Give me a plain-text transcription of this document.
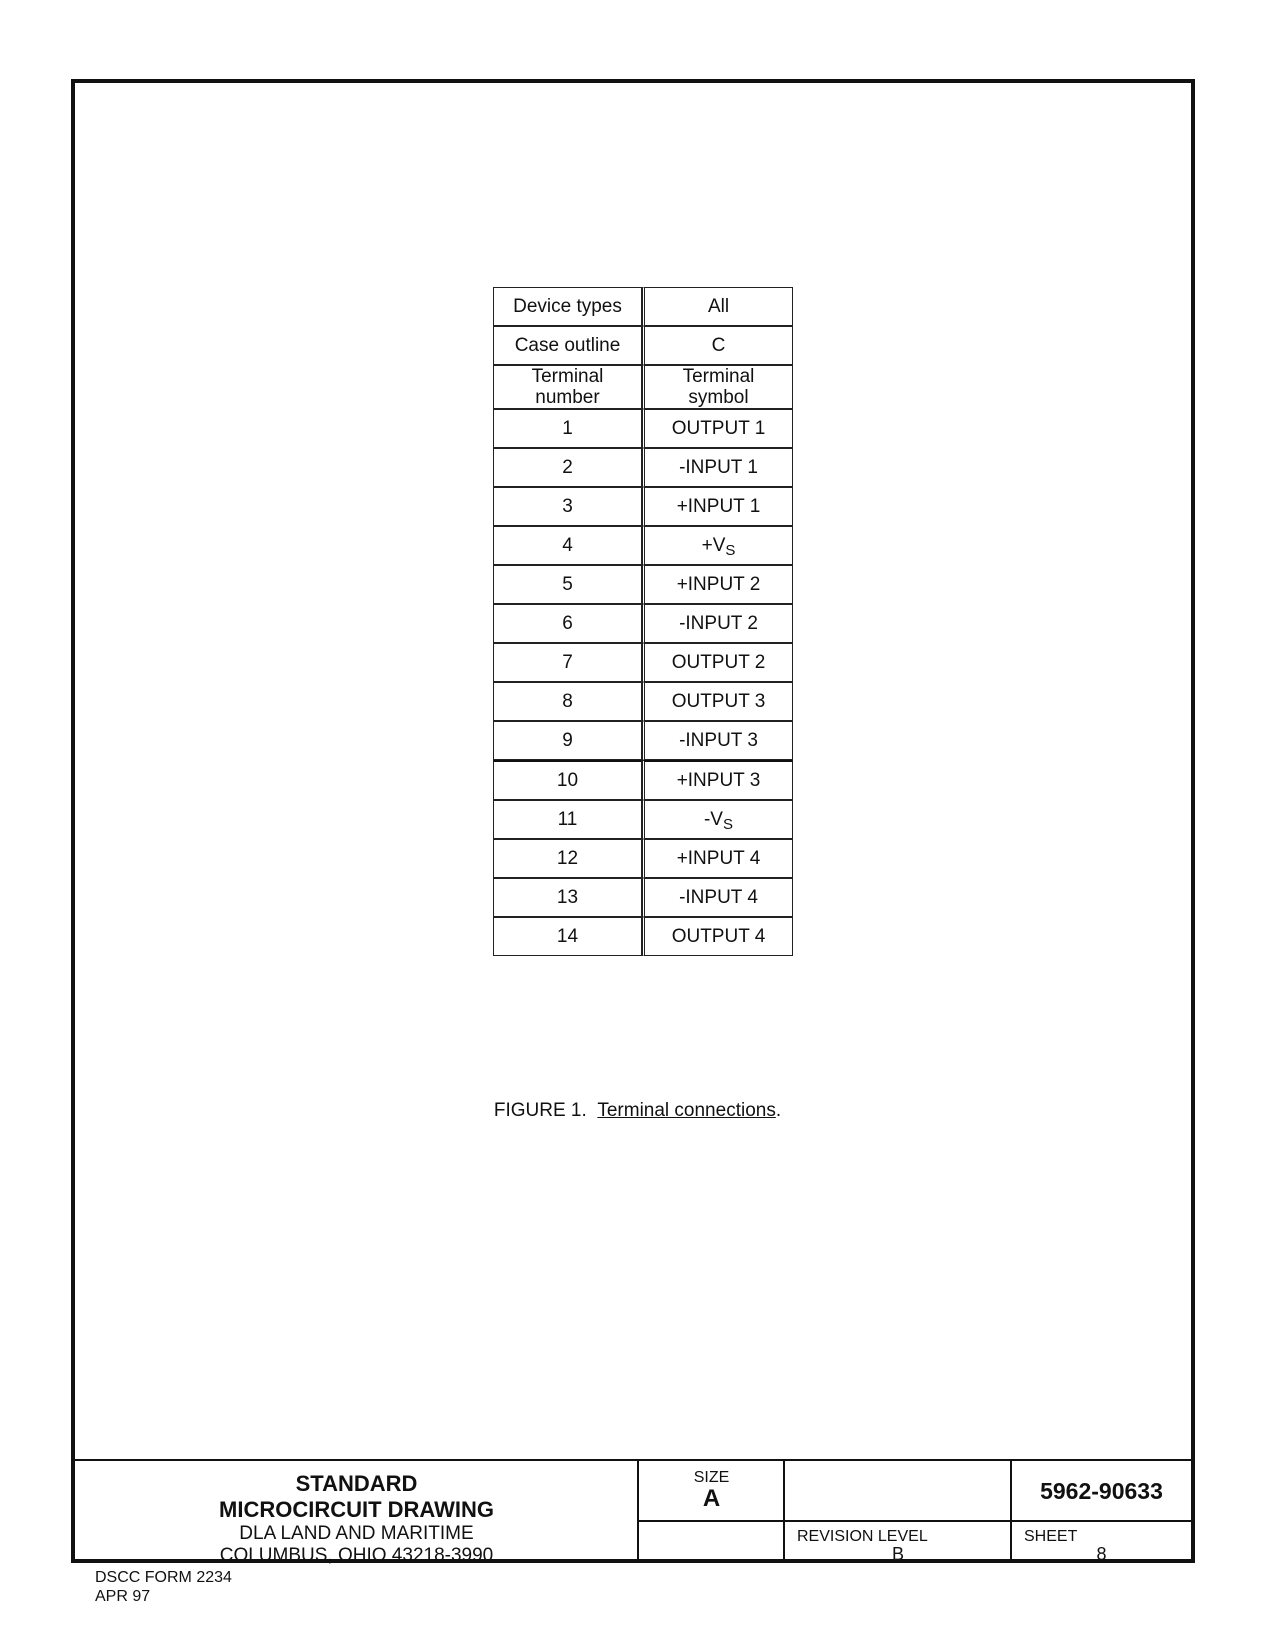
Device types	All
Case outline	C

Terminal number	Terminal symbol

1	OUTPUT 1
2	-INPUT 1
3	+INPUT 1
4	$+V_S$
5	+INPUT 2
6	-INPUT 2
7	OUTPUT 2
8	OUTPUT 3
9	-INPUT 3
10	+INPUT 3
11	$-V_S$
12	+INPUT 4
13	-INPUT 4
14	OUTPUT 4
FIGURE 1. Terminal connections.
STANDARD
MICROCIRCUIT DRAWING
DLA LAND AND MARITIME
COLUMBUS, OHIO 43218-3990
SIZE
A	5962-90633
REVISION LEVEL
B
SHEET
8
DSCC FORM 2234
APR 97
